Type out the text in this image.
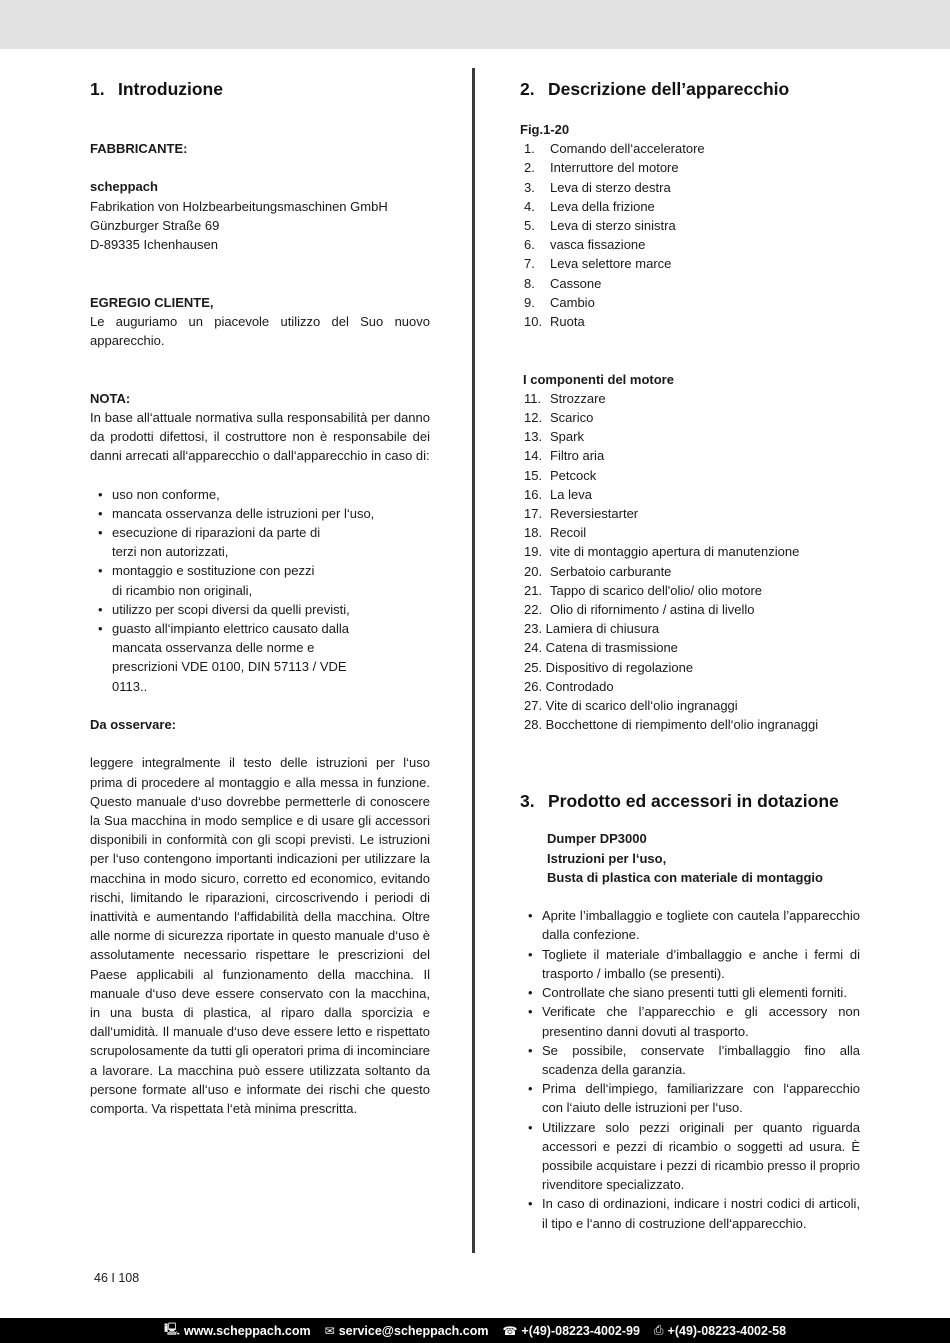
1. Introduzione

FABBRICANTE:

scheppach

Fabrikation von Holzbearbeitungsmaschinen GmbH

Günzburger Straße 69

D-89335 Ichenhausen

EGREGIO CLIENTE,

Le auguriamo un piacevole utilizzo del Suo nuovo apparecchio.

NOTA:

In base all‘attuale normativa sulla responsabilità per danno da prodotti difettosi, il costruttore non è responsabile dei danni arrecati all‘apparecchio o dall‘apparecchio in caso di:

• uso non conforme,
• mancata osservanza delle istruzioni per l‘uso,
• esecuzione di riparazioni da parte di terzi non autorizzati,
• montaggio e sostituzione con pezzi di ricambio non originali,
• utilizzo per scopi diversi da quelli previsti,
• guasto all‘impianto elettrico causato dalla mancata osservanza delle norme e prescrizioni VDE 0100, DIN 57113 / VDE 0113..

Da osservare:

leggere integralmente il testo delle istruzioni per l‘uso prima di procedere al montaggio e alla messa in funzione. Questo manuale d‘uso dovrebbe permetterle di conoscere la Sua macchina in modo semplice e di usare gli accessori disponibili in conformità con gli scopi previsti. Le istruzioni per l‘uso contengono importanti indicazioni per utilizzare la macchina in modo sicuro, corretto ed economico, evitando rischi, limitando le riparazioni, circoscrivendo i periodi di inattività e aumentando l‘affidabilità della macchina. Oltre alle norme di sicurezza riportate in questo manuale d‘uso è assolutamente necessario rispettare le prescrizioni del Paese applicabili al funzionamento della macchina. Il manuale d‘uso deve essere conservato con la macchina, in una busta di plastica, al riparo dalla sporcizia e dall‘umidità. Il manuale d‘uso deve essere letto e rispettato scrupolosamente da tutti gli operatori prima di incominciare a lavorare. La macchina può essere utilizzata soltanto da persone formate all‘uso e informate dei rischi che questo comporta. Va rispettata l‘età minima prescritta.

2. Descrizione dell’apparecchio

Fig.1-20

1. Comando dell‘acceleratore
2. Interruttore del motore
3. Leva di sterzo destra
4. Leva della frizione
5. Leva di sterzo sinistra
6. vasca fissazione
7. Leva selettore marce
8. Cassone
9. Cambio
10. Ruota

I componenti del motore

11. Strozzare
12. Scarico
13. Spark
14. Filtro aria
15. Petcock
16. La leva
17. Reversiestarter
18. Recoil
19. vite di montaggio apertura di manutenzione
20. Serbatoio carburante
21. Tappo di scarico dell'olio/ olio motore
22. Olio di rifornimento / astina di livello
23. Lamiera di chiusura
24. Catena di trasmissione
25. Dispositivo di regolazione
26. Controdado
27. Vite di scarico dell‘olio ingranaggi
28. Bocchettone di riempimento dell‘olio ingranaggi
3. Prodotto ed accessori in dotazione

Dumper DP3000

Istruzioni per l‘uso,

Busta di plastica con materiale di montaggio

• Aprite l’imballaggio e togliete con cautela l’apparecchio dalla confezione.
• Togliete il materiale d’imballaggio e anche i fermi di trasporto / imballo (se presenti).
• Controllate che siano presenti tutti gli elementi forniti.
• Verificate che l’apparecchio e gli accessory non presentino danni dovuti al trasporto.
• Se possibile, conservate l’imballaggio fino alla scadenza della garanzia.
• Prima dell‘impiego, familiarizzare con l‘apparecchio con l‘aiuto delle istruzioni per l‘uso.
• Utilizzare solo pezzi originali per quanto riguarda accessori e pezzi di ricambio o soggetti ad usura. È possibile acquistare i pezzi di ricambio presso il proprio rivenditore specializzato.
• In caso di ordinazioni, indicare i nostri codici di articoli, il tipo e l‘anno di costruzione dell‘apparecchio.
46 I 108
🖳 www.scheppach.com ✉ service@scheppach.com ☎ +(49)-08223-4002-99 ⎙ +(49)-08223-4002-58
